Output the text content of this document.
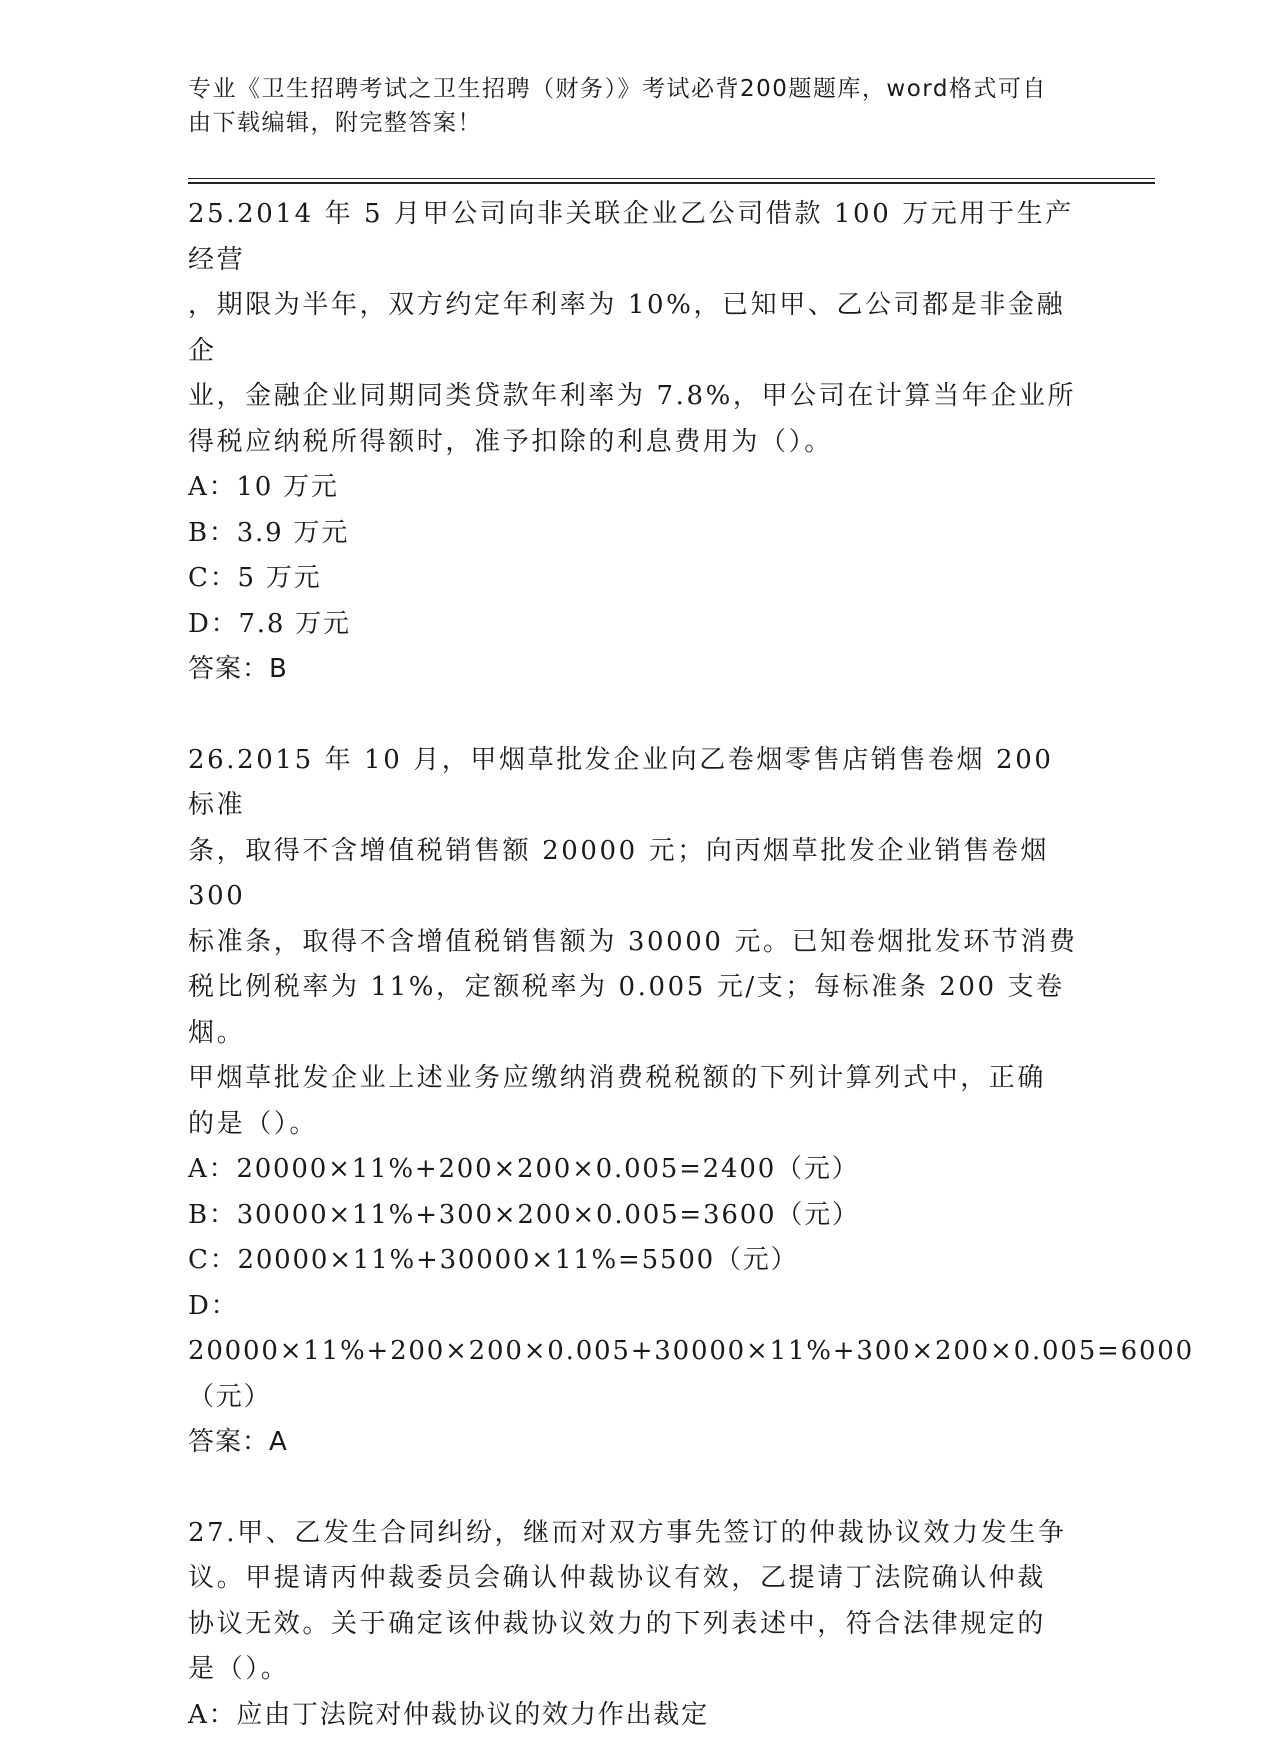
专业《卫生招聘考试之卫生招聘（财务）》考试必背200题题库，word格式可自
由下载编辑，附完整答案！
25.2014 年 5 月甲公司向非关联企业乙公司借款 100 万元用于生产经营
，期限为半年，双方约定年利率为 10%，已知甲、乙公司都是非金融企
业，金融企业同期同类贷款年利率为 7.8%，甲公司在计算当年企业所
得税应纳税所得额时，准予扣除的利息费用为（）。
A：10 万元
B：3.9 万元
C：5 万元
D：7.8 万元
答案：B
26.2015 年 10 月，甲烟草批发企业向乙卷烟零售店销售卷烟 200 标准
条，取得不含增值税销售额 20000 元；向丙烟草批发企业销售卷烟 300
标准条，取得不含增值税销售额为 30000 元。已知卷烟批发环节消费
税比例税率为 11%，定额税率为 0.005 元/支；每标准条 200 支卷烟。
甲烟草批发企业上述业务应缴纳消费税税额的下列计算列式中，正确
的是（）。
A：20000×11%+200×200×0.005=2400（元）
B：30000×11%+300×200×0.005=3600（元）
C：20000×11%+30000×11%=5500（元）
D：20000×11%+200×200×0.005+30000×11%+300×200×0.005=6000
（元）
答案：A
27.甲、乙发生合同纠纷，继而对双方事先签订的仲裁协议效力发生争
议。甲提请丙仲裁委员会确认仲裁协议有效，乙提请丁法院确认仲裁
协议无效。关于确定该仲裁协议效力的下列表述中，符合法律规定的
是（）。
A：应由丁法院对仲裁协议的效力作出裁定
